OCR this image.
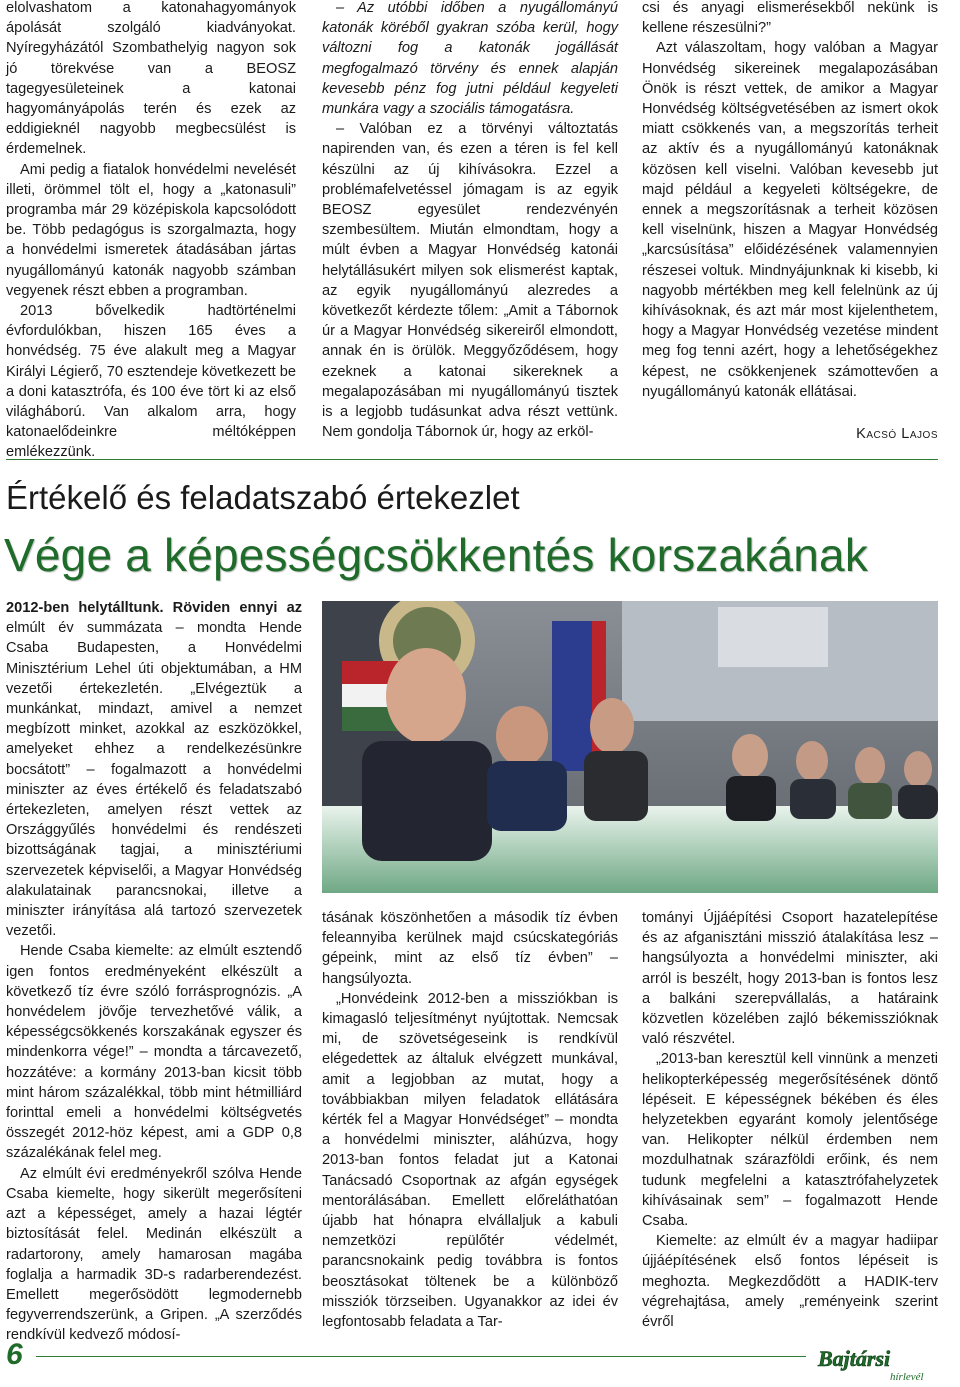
elolvashatom a katonahagyományok ápolását szolgáló kiadványokat. Nyíregyházától Szombathelyig nagyon sok jó törekvése van a BEOSZ tagegyesületeinek a katonai hagyományápolás terén és ezek az eddigieknél nagyobb megbecsülést is érdemelnek.

Ami pedig a fiatalok honvédelmi nevelését illeti, örömmel tölt el, hogy a „katonasuli” programba már 29 középiskola kapcsolódott be. Több pedagógus is szorgalmazta, hogy a honvédelmi ismeretek átadásában jártas nyugállományú katonák nagyobb számban vegyenek részt ebben a programban.

2013 bővelkedik hadtörténelmi évfordulókban, hiszen 165 éves a honvédség. 75 éve alakult meg a Magyar Királyi Légierő, 70 esztendeje következett be a doni katasztrófa, és 100 éve tört ki az első világháború. Van alkalom arra, hogy katonaelődeinkre méltóképpen emlékezzünk.

– Az utóbbi időben a nyugállományú katonák köréből gyakran szóba kerül, hogy változni fog a katonák jogállását megfogalmazó törvény és ennek alapján kevesebb pénz fog jutni például kegyeleti munkára vagy a szociális támogatásra.

– Valóban ez a törvényi változtatás napirenden van, és ezen a téren is fel kell készülni az új kihívásokra. Ezzel a problémafelvetéssel jómagam is az egyik BEOSZ egyesület rendezvényén szembesültem. Miután elmondtam, hogy a múlt évben a Magyar Honvédség katonái helytállásukért milyen sok elismerést kaptak, az egyik nyugállományú alezredes a következőt kérdezte tőlem: „Amit a Tábornok úr a Magyar Honvédség sikereiről elmondott, annak én is örülök. Meggyőződésem, hogy ezeknek a katonai sikereknek a megalapozásában mi nyugállományú tisztek is a legjobb tudásunkat adva részt vettünk. Nem gondolja Tábornok úr, hogy az erköl-

csi és anyagi elismerésekből nekünk is kellene részesülni?”

Azt válaszoltam, hogy valóban a Magyar Honvédség sikereinek megalapozásában Önök is részt vettek, de amikor a Magyar Honvédség költségvetésében az ismert okok miatt csökkenés van, a megszorítás terheit az aktív és a nyugállományú katonáknak közösen kell viselni. Valóban kevesebb jut majd például a kegyeleti költségekre, de ennek a megszorításnak a terheit közösen kell viselnünk, hiszen a Magyar Honvédség „karcsúsítása” előidézésének valamennyien részesei voltuk. Mindnyájunknak ki kisebb, ki nagyobb mértékben meg kell felelnünk az új kihívásoknak, és azt már most kijelenthetem, hogy a Magyar Honvédség vezetése mindent meg fog tenni azért, hogy a lehetőségekhez képest, ne csökkenjenek számottevően a nyugállományú katonák ellátásai.

Kacsó Lajos

Értékelő és feladatszabó értekezlet
Vége a képességcsökkentés korszakának

2012-ben helytálltunk. Röviden ennyi az elmúlt év summázata – mondta Hende Csaba Budapesten, a Honvédelmi Minisztérium Lehel úti objektumában, a HM vezetői értekezletén. „Elvégeztük a munkánkat, mindazt, amivel a nemzet megbízott minket, azokkal az eszközökkel, amelyeket ehhez a rendelkezésünkre bocsátott” – fogalmazott a honvédelmi miniszter az éves értékelő és feladatszabó értekezleten, amelyen részt vettek az Országgyűlés honvédelmi és rendészeti bizottságának tagjai, a minisztériumi szervezetek képviselői, a Magyar Honvédség alakulatainak parancsnokai, illetve a miniszter irányítása alá tartozó szervezetek vezetői.

Hende Csaba kiemelte: az elmúlt esztendő igen fontos eredményeként elkészült a következő tíz évre szóló forrásprognózis. „A honvédelem jövője tervezhetővé válik, a képességcsökkenés korszakának egyszer és mindenkorra vége!” – mondta a tárcavezető, hozzátéve: a kormány 2013-ban kicsit több mint három százalékkal, több mint hétmilliárd forinttal emeli a honvédelmi költségvetés összegét 2012-höz képest, ami a GDP 0,8 százalékának felel meg.

Az elmúlt évi eredményekről szólva Hende Csaba kiemelte, hogy sikerült megerősíteni azt a képességet, amely a hazai légtér biztosítását felel. Medinán elkészült a radartorony, amely hamarosan magába foglalja a harmadik 3D-s radarberendezést. Emellett megerősödött legmodernebb fegyverrendszerünk, a Gripen. „A szerződés rendkívül kedvező módosí-

tásának köszönhetően a második tíz évben feleannyiba kerülnek majd csúcskategóriás gépeink, mint az első tíz évben” – hangsúlyozta.

„Honvédeink 2012-ben a missziókban is kimagasló teljesítményt nyújtottak. Nemcsak mi, de szövetségeseink is rendkívül elégedettek az általuk elvégzett munkával, amit a legjobban az mutat, hogy a továbbiakban milyen feladatok ellátására kérték fel a Magyar Honvédséget” – mondta a honvédelmi miniszter, aláhúzva, hogy 2013-ban fontos feladat jut a Katonai Tanácsadó Csoportnak az afgán egységek mentorálásában. Emellett előreláthatóan újabb hat hónapra elvállaljuk a kabuli nemzetközi repülőtér védelmét, parancsnokaink pedig továbbra is fontos beosztásokat töltenek be a különböző missziók törzseiben. Ugyanakkor az idei év legfontosabb feladata a Tar-

tományi Újjáépítési Csoport hazatelepítése és az afganisztáni misszió átalakítása lesz – hangsúlyozta a honvédelmi miniszter, aki arról is beszélt, hogy 2013-ban is fontos lesz a balkáni szerepvállalás, a határaink közvetlen közelében zajló békemisszióknak való részvétel.

„2013-ban keresztül kell vinnünk a menzeti helikopterképesség megerősítésének döntő lépéseit. E képességnek békében és éles helyzetekben egyaránt komoly jelentősége van. Helikopter nélkül érdemben nem mozdulhatnak szárazföldi erőink, és nem tudunk megfelelni a katasztrófahelyzetek kihívásainak sem” – fogalmazott Hende Csaba.

Kiemelte: az elmúlt év a magyar hadiipar újjáépítésének első fontos lépéseit is meghozta. Megkezdődött a HADIK-terv végrehajtása, amely „reményeink szerint évről

6	Bajtársi
hírlevél
